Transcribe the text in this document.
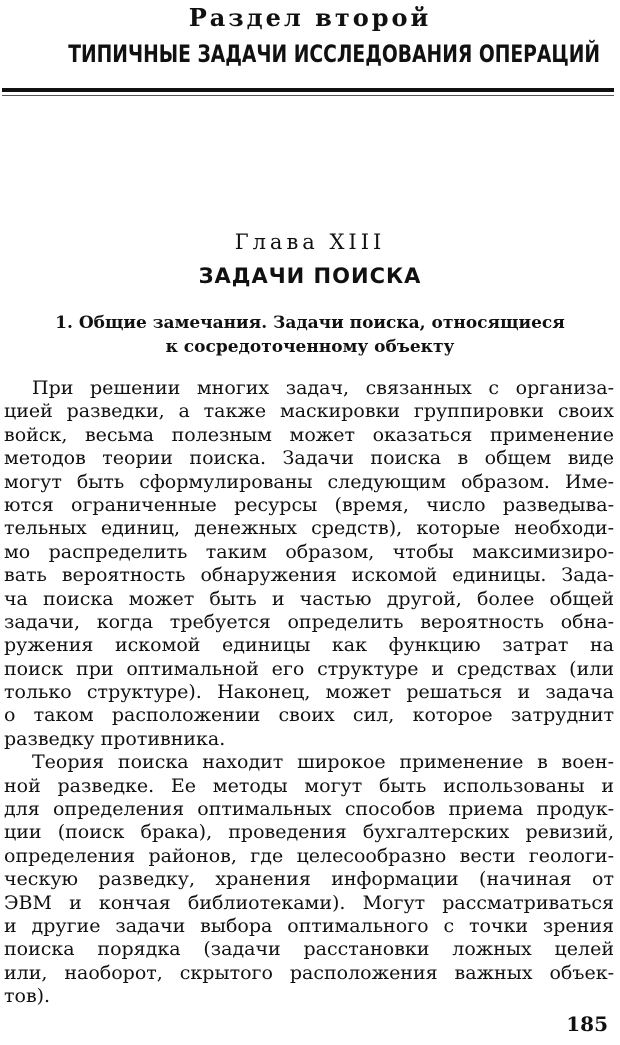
Раздел второй
ТИПИЧНЫЕ ЗАДАЧИ ИССЛЕДОВАНИЯ ОПЕРАЦИЙ
Глава XIII
ЗАДАЧИ ПОИСКА
1. Общие замечания. Задачи поиска, относящиеся
к сосредоточенному объекту
При решении многих задач, связанных с организа-
цией разведки, а также маскировки группировки своих
войск, весьма полезным может оказаться применение
методов теории поиска. Задачи поиска в общем виде
могут быть сформулированы следующим образом. Име-
ются ограниченные ресурсы (время, число разведыва-
тельных единиц, денежных средств), которые необходи-
мо распределить таким образом, чтобы максимизиро-
вать вероятность обнаружения искомой единицы. Зада-
ча поиска может быть и частью другой, более общей
задачи, когда требуется определить вероятность обна-
ружения искомой единицы как функцию затрат на
поиск при оптимальной его структуре и средствах (или
только структуре). Наконец, может решаться и задача
о таком расположении своих сил, которое затруднит
разведку противника.
Теория поиска находит широкое применение в воен-
ной разведке. Ее методы могут быть использованы и
для определения оптимальных способов приема продук-
ции (поиск брака), проведения бухгалтерских ревизий,
определения районов, где целесообразно вести геологи-
ческую разведку, хранения информации (начиная от
ЭВМ и кончая библиотеками). Могут рассматриваться
и другие задачи выбора оптимального с точки зрения
поиска порядка (задачи расстановки ложных целей
или, наоборот, скрытого расположения важных объек-
тов).
185
